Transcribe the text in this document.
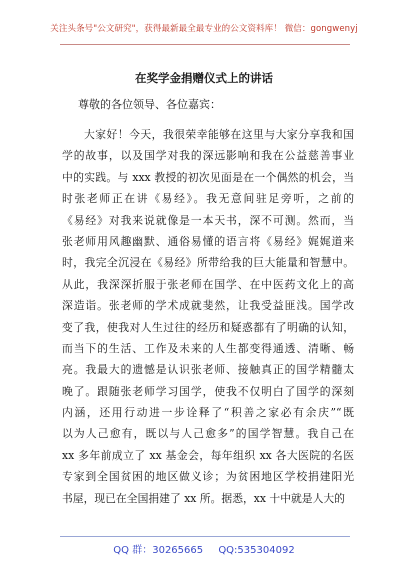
关注头条号"公文研究"，获得最新最全最专业的公文资料库！ 微信：gongwenyj
在奖学金捐赠仪式上的讲话
尊敬的各位领导、各位嘉宾：
大家好！今天，我很荣幸能够在这里与大家分享我和国
学的故事，以及国学对我的深远影响和我在公益慈善事业
中的实践。与 xxx 教授的初次见面是在一个偶然的机会，当
时张老师正在讲《易经》。我无意间驻足旁听，之前的
《易经》对我来说就像是一本天书，深不可测。然而，当
张老师用风趣幽默、通俗易懂的语言将《易经》娓娓道来
时，我完全沉浸在《易经》所带给我的巨大能量和智慧中。
从此，我深深折服于张老师在国学、在中医药文化上的高
深造诣。张老师的学术成就斐然，让我受益匪浅。国学改
变了我，使我对人生过往的经历和疑惑都有了明确的认知，
而当下的生活、工作及未来的人生都变得通透、清晰、畅
亮。我最大的遗憾是认识张老师、接触真正的国学精髓太
晚了。跟随张老师学习国学，使我不仅明白了国学的深刻
内涵，还用行动进一步诠释了“积善之家必有余庆”“既
以为人己愈有，既以与人己愈多”的国学智慧。我自己在
xx 多年前成立了 xx 基金会，每年组织 xx 各大医院的名医
专家到全国贫困的地区做义诊；为贫困地区学校捐建阳光
书屋，现已在全国捐建了 xx 所。据悉，xx 十中就是人大的
QQ 群：30265665 QQ:535304092
